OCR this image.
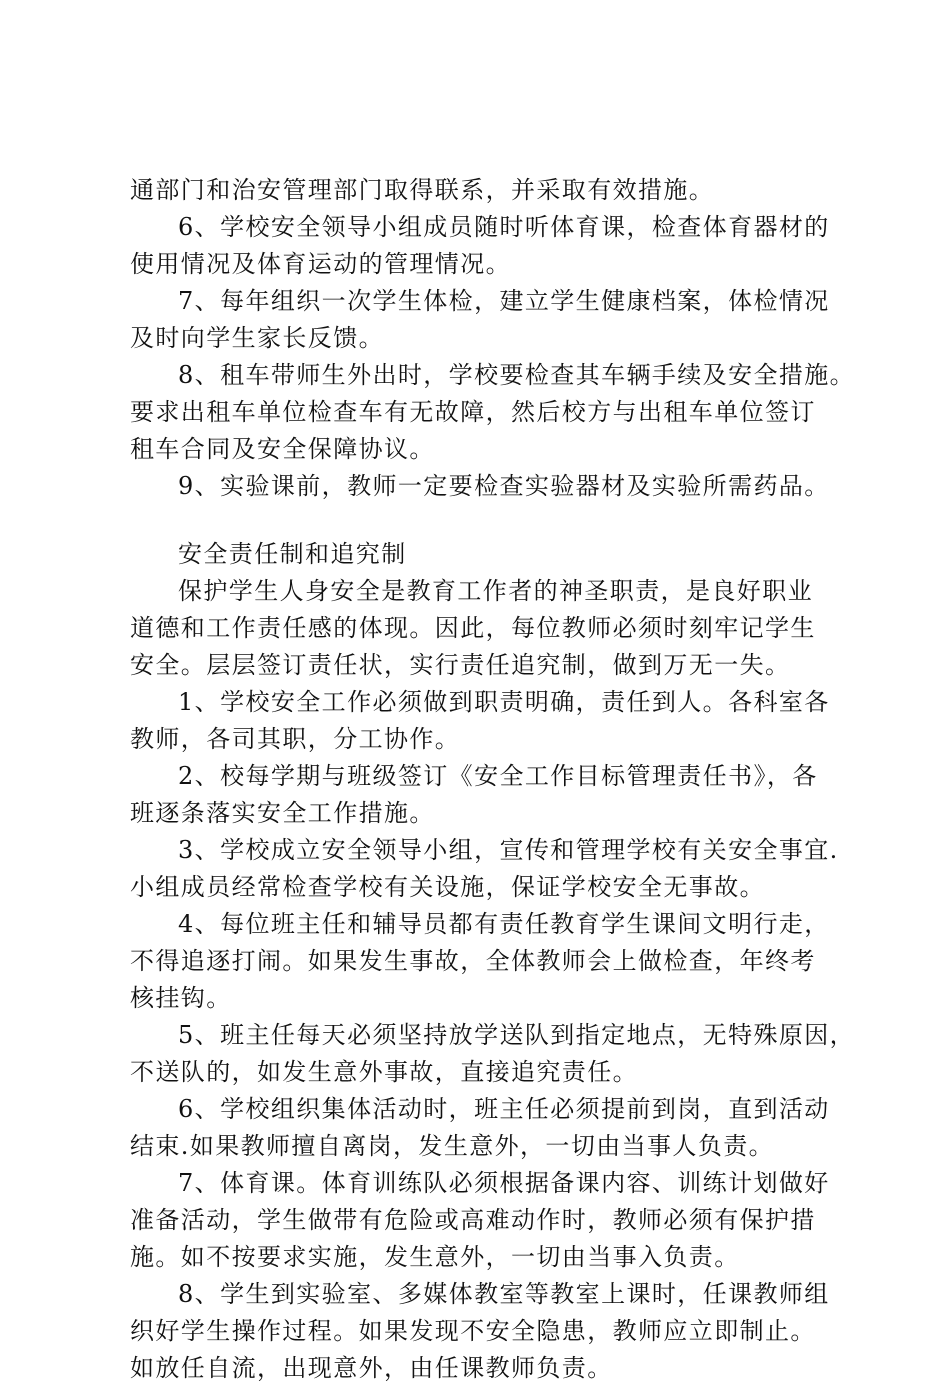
通部门和治安管理部门取得联系，并采取有效措施。
6、学校安全领导小组成员随时听体育课，检查体育器材的
使用情况及体育运动的管理情况。
7、每年组织一次学生体检，建立学生健康档案，体检情况
及时向学生家长反馈。
8、租车带师生外出时，学校要检查其车辆手续及安全措施。
要求出租车单位检查车有无故障，然后校方与出租车单位签订
租车合同及安全保障协议。
9、实验课前，教师一定要检查实验器材及实验所需药品。
安全责任制和追究制
保护学生人身安全是教育工作者的神圣职责，是良好职业
道德和工作责任感的体现。因此，每位教师必须时刻牢记学生
安全。层层签订责任状，实行责任追究制，做到万无一失。
1、学校安全工作必须做到职责明确，责任到人。各科室各
教师，各司其职，分工协作。
2、校每学期与班级签订《安全工作目标管理责任书》，各
班逐条落实安全工作措施。
3、学校成立安全领导小组，宣传和管理学校有关安全事宜.
小组成员经常检查学校有关设施，保证学校安全无事故。
4、每位班主任和辅导员都有责任教育学生课间文明行走，
不得追逐打闹。如果发生事故，全体教师会上做检查，年终考
核挂钩。
5、班主任每天必须坚持放学送队到指定地点，无特殊原因，
不送队的，如发生意外事故，直接追究责任。
6、学校组织集体活动时，班主任必须提前到岗，直到活动
结束.如果教师擅自离岗，发生意外，一切由当事人负责。
7、体育课。体育训练队必须根据备课内容、训练计划做好
准备活动，学生做带有危险或高难动作时，教师必须有保护措
施。如不按要求实施，发生意外，一切由当事入负责。
8、学生到实验室、多媒体教室等教室上课时，任课教师组
织好学生操作过程。如果发现不安全隐患，教师应立即制止。
如放任自流，出现意外，由任课教师负责。
